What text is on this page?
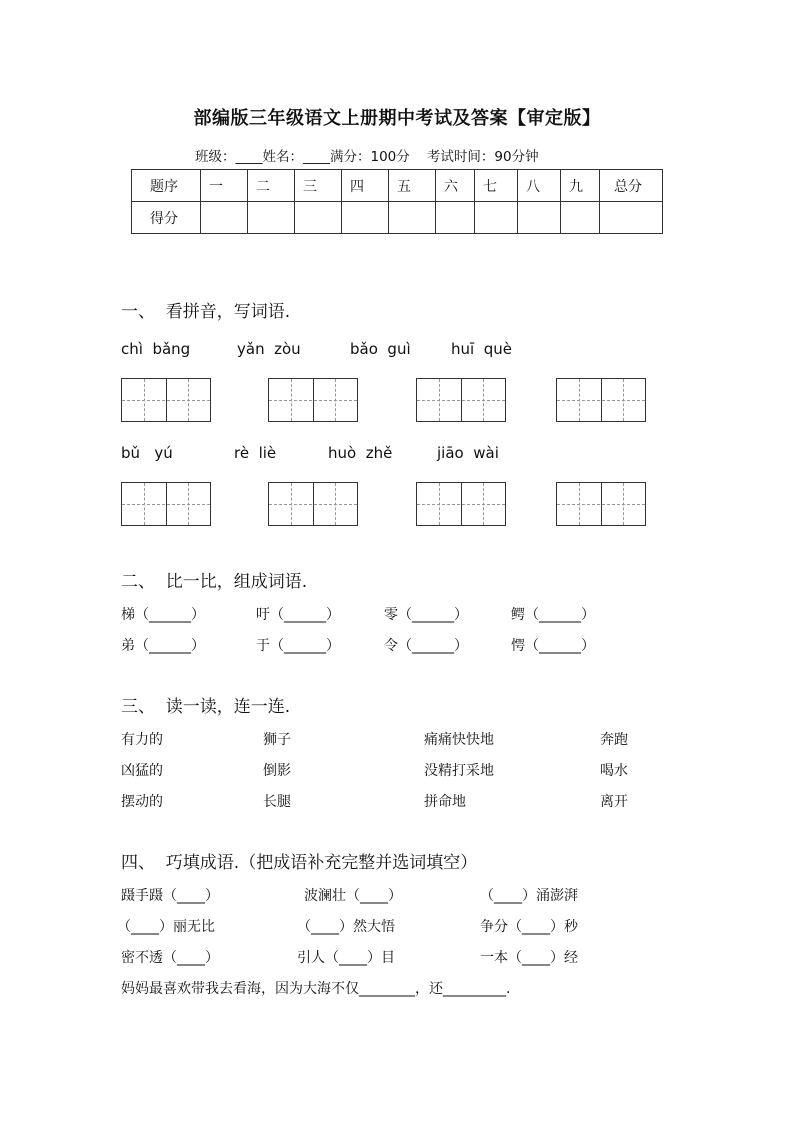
部编版三年级语文上册期中考试及答案【审定版】
班级：____姓名：____满分：100分    考试时间：90分钟
题序	一	二	三	四	五	六	七	八	九	总分
得分										
一、  看拼音，写词语.
chì  bǎng	yǎn  zòu	bǎo  guì	huī  què
bǔ   yú	rè  liè	huò  zhě	jiāo  wài
二、  比一比，组成词语.
梯（______）	吁（______）	零（______）	鳄（______）
弟（______）	于（______）	令（______）	愕（______）
三、  读一读，连一连.
有力的	狮子	痛痛快快地	奔跑
凶猛的	倒影	没精打采地	喝水
摆动的	长腿	拼命地	离开
四、  巧填成语.（把成语补充完整并选词填空）
蹑手蹑（____）	波澜壮（____）	（____）涌澎湃
（____）丽无比	（____）然大悟	争分（____）秒
密不透（____）	引人（____）目	一本（____）经
妈妈最喜欢带我去看海，因为大海不仅________，还_________.
